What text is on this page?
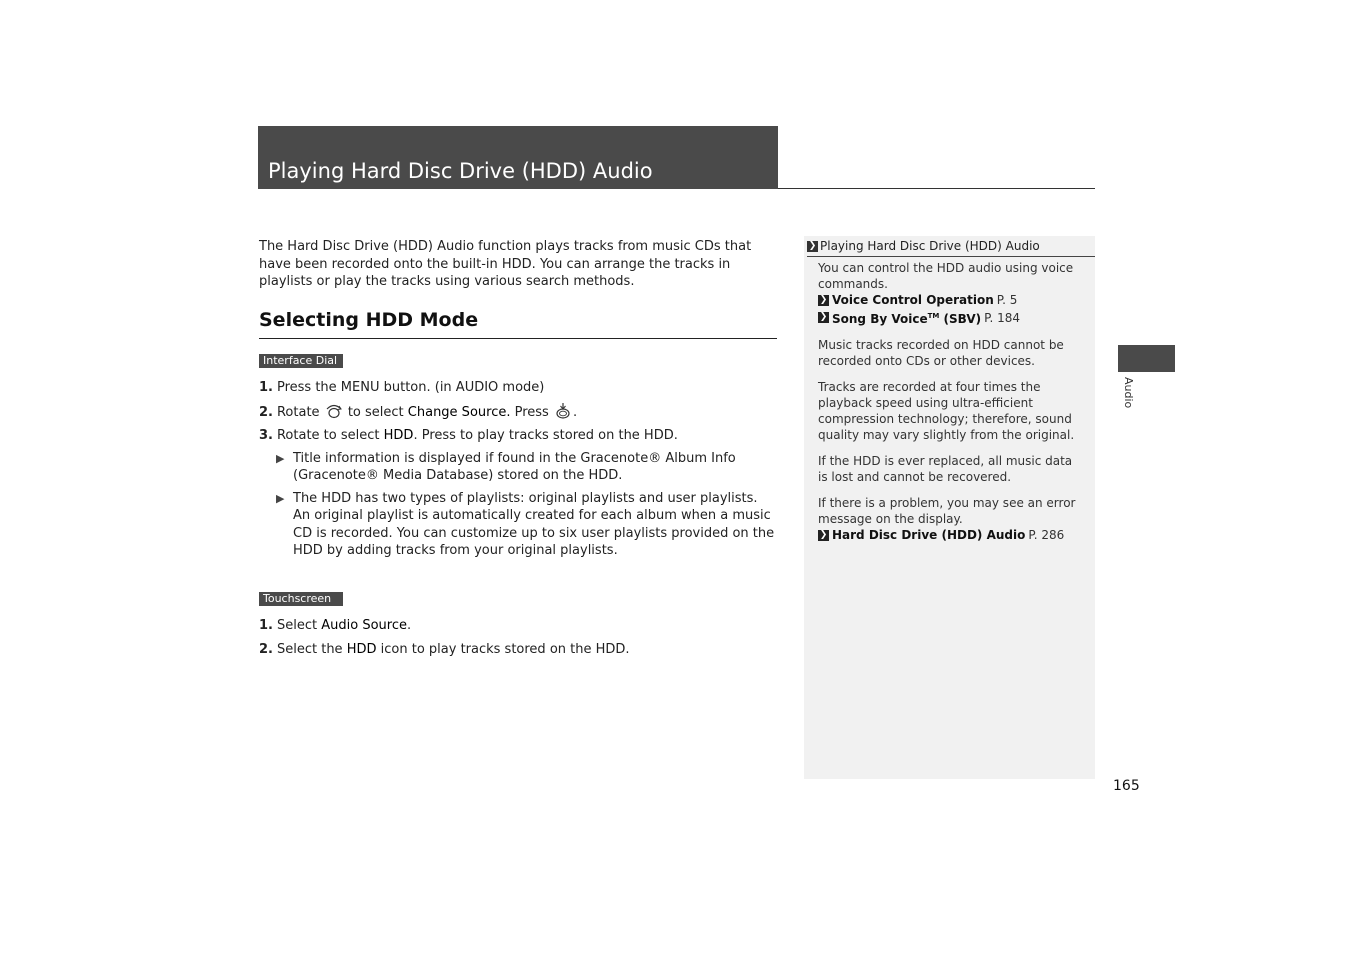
Playing Hard Disc Drive (HDD) Audio

The Hard Disc Drive (HDD) Audio function plays tracks from music CDs that have been recorded onto the built-in HDD. You can arrange the tracks in playlists or play the tracks using various search methods.

Selecting HDD Mode
Interface Dial
1. Press the MENU button. (in AUDIO mode)
2. Rotate to select Change Source. Press .
3. Rotate to select HDD. Press to play tracks stored on the HDD.
▶ Title information is displayed if found in the Gracenote® Album Info (Gracenote® Media Database) stored on the HDD.
▶ The HDD has two types of playlists: original playlists and user playlists. An original playlist is automatically created for each album when a music CD is recorded. You can customize up to six user playlists provided on the HDD by adding tracks from your original playlists.
Touchscreen
1. Select Audio Source.
2. Select the HDD icon to play tracks stored on the HDD.
❯ Playing Hard Disc Drive (HDD) Audio

You can control the HDD audio using voice commands.
❯ Voice Control Operation P. 5
❯ Song By Voice™ (SBV) P. 184

Music tracks recorded on HDD cannot be recorded onto CDs or other devices.

Tracks are recorded at four times the playback speed using ultra-efficient compression technology; therefore, sound quality may vary slightly from the original.

If the HDD is ever replaced, all music data is lost and cannot be recovered.

If there is a problem, you may see an error message on the display.
❯ Hard Disc Drive (HDD) Audio P. 286

Audio
165
